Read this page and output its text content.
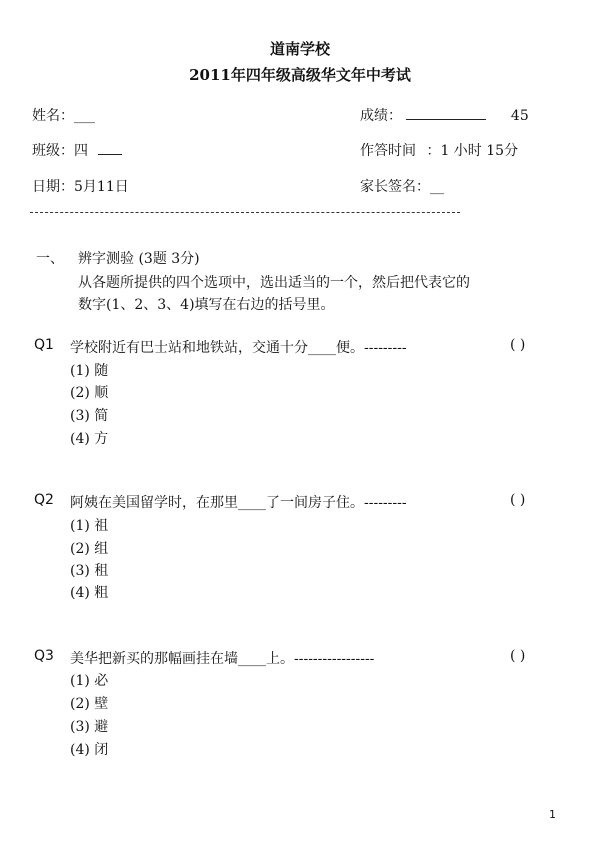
道南学校
2011年四年级高级华文年中考试
姓名：___	成绩：	45
班级：四	作答时间 ：1 小时 15分
日期：5月11日	家长签名：__
一、 辨字测验 (3题 3分)
从各题所提供的四个选项中，选出适当的一个，然后把代表它的
数字(1、2、3、4)填写在右边的括号里。
Q1 学校附近有巴士站和地铁站，交通十分____便。---------	( )
(1) 随
(2) 顺
(3) 简
(4) 方
Q2 阿姨在美国留学时，在那里____了一间房子住。---------	( )
(1) 祖
(2) 组
(3) 租
(4) 粗
Q3 美华把新买的那幅画挂在墙____上。-----------------	( )
(1) 必
(2) 壁
(3) 避
(4) 闭
1
